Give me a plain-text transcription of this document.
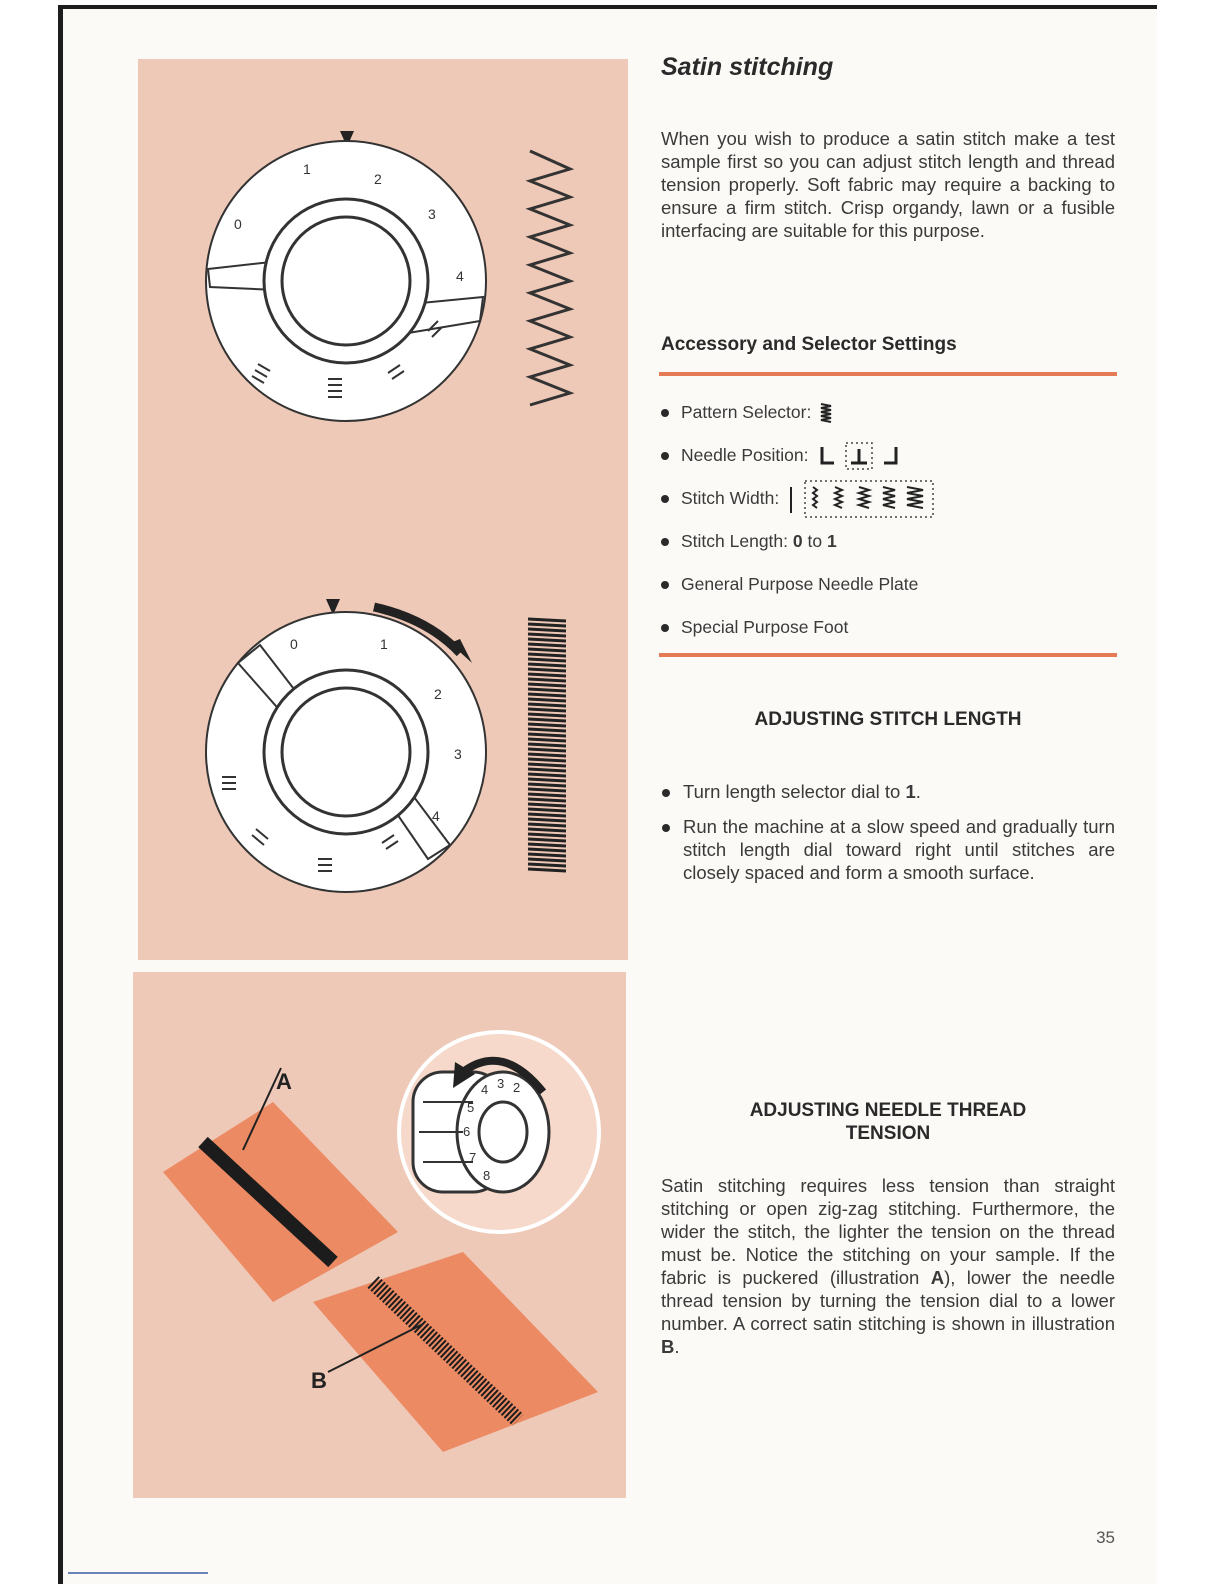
0
1
2
3
4
0	1
2
3
4
2
3
4
5
6
7
8
A
B
Satin stitching

When you wish to produce a satin stitch make a test sample first so you can adjust stitch length and thread tension properly. Soft fabric may require a backing to ensure a firm stitch. Crisp organdy, lawn or a fusible interfacing are suitable for this purpose.

Accessory and Selector Settings
Pattern Selector:
Needle Position:
Stitch Width:
Stitch Length:
0
to
1
General Purpose Needle Plate
Special Purpose Foot
ADJUSTING STITCH LENGTH
Turn length selector dial to 1.
Run the machine at a slow speed and gradually turn stitch length dial toward right until stitches are closely spaced and form a smooth surface.
ADJUSTING NEEDLE THREAD
TENSION

Satin stitching requires less tension than straight stitching or open zig-zag stitching. Furthermore, the wider the stitch, the lighter the tension on the thread must be. Notice the stitching on your sample. If the fabric is puckered (illustration A), lower the needle thread tension by turning the tension dial to a lower number. A correct satin stitching is shown in illustration B.

35
